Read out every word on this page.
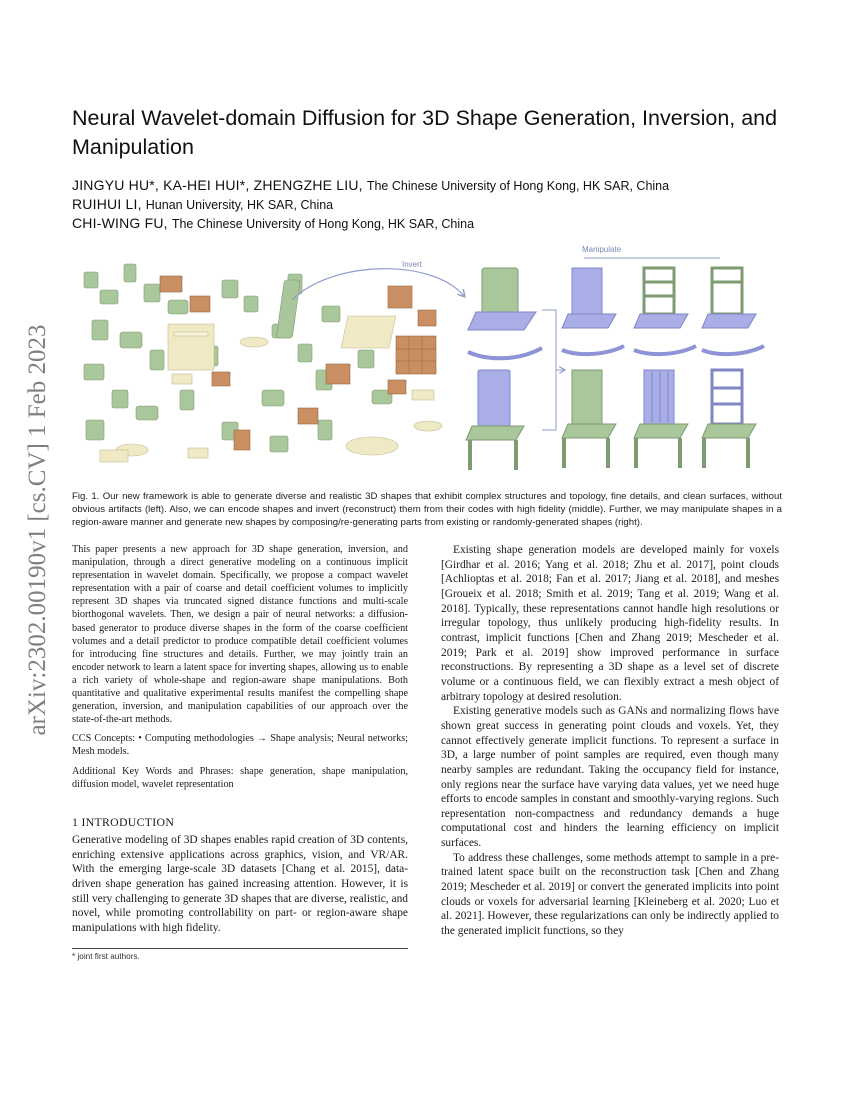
Neural Wavelet-domain Diffusion for 3D Shape Generation, Inversion, and Manipulation
JINGYU HU*, KA-HEI HUI*, ZHENGZHE LIU, The Chinese University of Hong Kong, HK SAR, China
RUIHUI LI, Hunan University, HK SAR, China
CHI-WING FU, The Chinese University of Hong Kong, HK SAR, China
arXiv:2302.00190v1 [cs.CV] 1 Feb 2023
Invert
Manipulate
Fig. 1. Our new framework is able to generate diverse and realistic 3D shapes that exhibit complex structures and topology, fine details, and clean surfaces, without obvious artifacts (left). Also, we can encode shapes and invert (reconstruct) them from their codes with high fidelity (middle). Further, we may manipulate shapes in a region-aware manner and generate new shapes by composing/re-generating parts from existing or randomly-generated shapes (right).

This paper presents a new approach for 3D shape generation, inversion, and manipulation, through a direct generative modeling on a continuous implicit representation in wavelet domain. Specifically, we propose a compact wavelet representation with a pair of coarse and detail coefficient volumes to implicitly represent 3D shapes via truncated signed distance functions and multi-scale biorthogonal wavelets. Then, we design a pair of neural networks: a diffusion-based generator to produce diverse shapes in the form of the coarse coefficient volumes and a detail predictor to produce compatible detail coefficient volumes for introducing fine structures and details. Further, we may jointly train an encoder network to learn a latent space for inverting shapes, allowing us to enable a rich variety of whole-shape and region-aware shape manipulations. Both quantitative and qualitative experimental results manifest the compelling shape generation, inversion, and manipulation capabilities of our approach over the state-of-the-art methods.

CCS Concepts: • Computing methodologies → Shape analysis; Neural networks; Mesh models.

Additional Key Words and Phrases: shape generation, shape manipulation, diffusion model, wavelet representation

1 INTRODUCTION
Generative modeling of 3D shapes enables rapid creation of 3D contents, enriching extensive applications across graphics, vision, and VR/AR. With the emerging large-scale 3D datasets [Chang et al. 2015], data-driven shape generation has gained increasing attention. However, it is still very challenging to generate 3D shapes that are diverse, realistic, and novel, while promoting controllability on part- or region-aware shape manipulations with high fidelity.
* joint first authors.

Existing shape generation models are developed mainly for voxels [Girdhar et al. 2016; Yang et al. 2018; Zhu et al. 2017], point clouds [Achlioptas et al. 2018; Fan et al. 2017; Jiang et al. 2018], and meshes [Groueix et al. 2018; Smith et al. 2019; Tang et al. 2019; Wang et al. 2018]. Typically, these representations cannot handle high resolutions or irregular topology, thus unlikely producing high-fidelity results. In contrast, implicit functions [Chen and Zhang 2019; Mescheder et al. 2019; Park et al. 2019] show improved performance in surface reconstructions. By representing a 3D shape as a level set of discrete volume or a continuous field, we can flexibly extract a mesh object of arbitrary topology at desired resolution.

Existing generative models such as GANs and normalizing flows have shown great success in generating point clouds and voxels. Yet, they cannot effectively generate implicit functions. To represent a surface in 3D, a large number of point samples are required, even though many nearby samples are redundant. Taking the occupancy field for instance, only regions near the surface have varying data values, yet we need huge efforts to encode samples in constant and smoothly-varying regions. Such representation non-compactness and redundancy demands a huge computational cost and hinders the learning efficiency on implicit surfaces.

To address these challenges, some methods attempt to sample in a pre-trained latent space built on the reconstruction task [Chen and Zhang 2019; Mescheder et al. 2019] or convert the generated implicits into point clouds or voxels for adversarial learning [Kleineberg et al. 2020; Luo et al. 2021]. However, these regularizations can only be indirectly applied to the generated implicit functions, so they
